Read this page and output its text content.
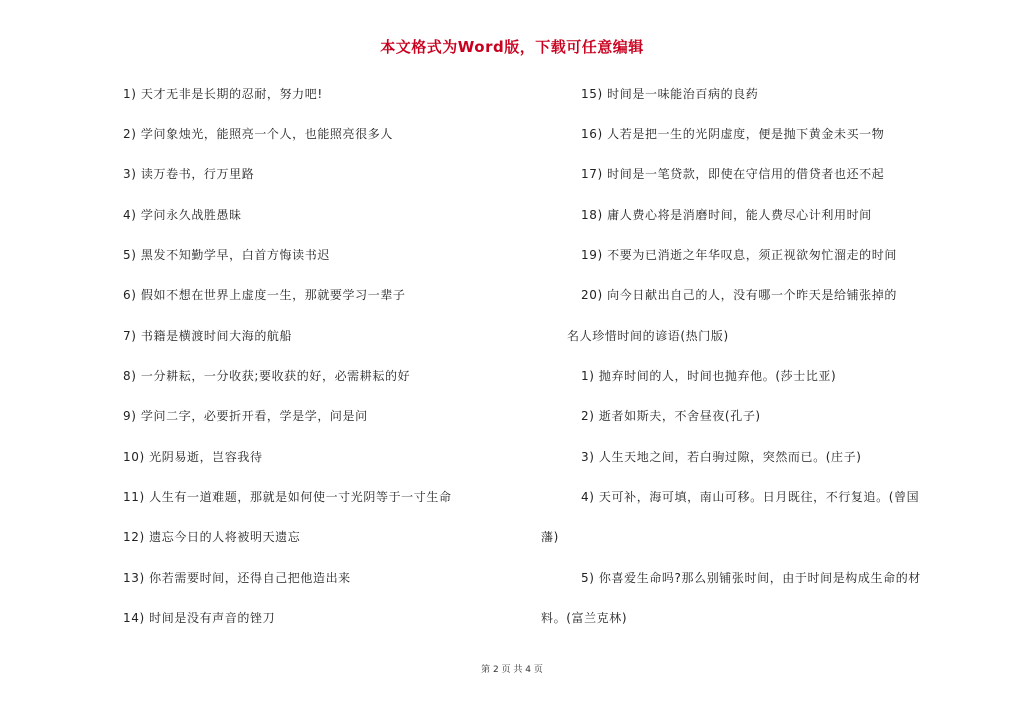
本文格式为Word版，下载可任意编辑
1) 天才无非是长期的忍耐，努力吧!
2) 学问象烛光，能照亮一个人，也能照亮很多人
3) 读万卷书，行万里路
4) 学问永久战胜愚昧
5) 黑发不知勤学早，白首方悔读书迟
6) 假如不想在世界上虚度一生，那就要学习一辈子
7) 书籍是横渡时间大海的航船
8) 一分耕耘，一分收获;要收获的好，必需耕耘的好
9) 学问二字，必要折开看，学是学，问是问
10) 光阴易逝，岂容我待
11) 人生有一道难题，那就是如何使一寸光阴等于一寸生命
12) 遗忘今日的人将被明天遗忘
13) 你若需要时间，还得自己把他造出来
14) 时间是没有声音的锉刀
15) 时间是一味能治百病的良药
16) 人若是把一生的光阴虚度，便是抛下黄金未买一物
17) 时间是一笔贷款，即使在守信用的借贷者也还不起
18) 庸人费心将是消磨时间，能人费尽心计利用时间
19) 不要为已消逝之年华叹息，须正视欲匆忙溜走的时间
20) 向今日献出自己的人，没有哪一个昨天是给铺张掉的
名人珍惜时间的谚语(热门版)
1) 抛弃时间的人，时间也抛弃他。(莎士比亚)
2) 逝者如斯夫，不舍昼夜(孔子)
3) 人生天地之间，若白驹过隙，突然而已。(庄子)
4) 天可补，海可填，南山可移。日月既往，不行复追。(曾国
藩)
5) 你喜爱生命吗?那么别铺张时间，由于时间是构成生命的材
料。(富兰克林)
第 2 页 共 4 页
